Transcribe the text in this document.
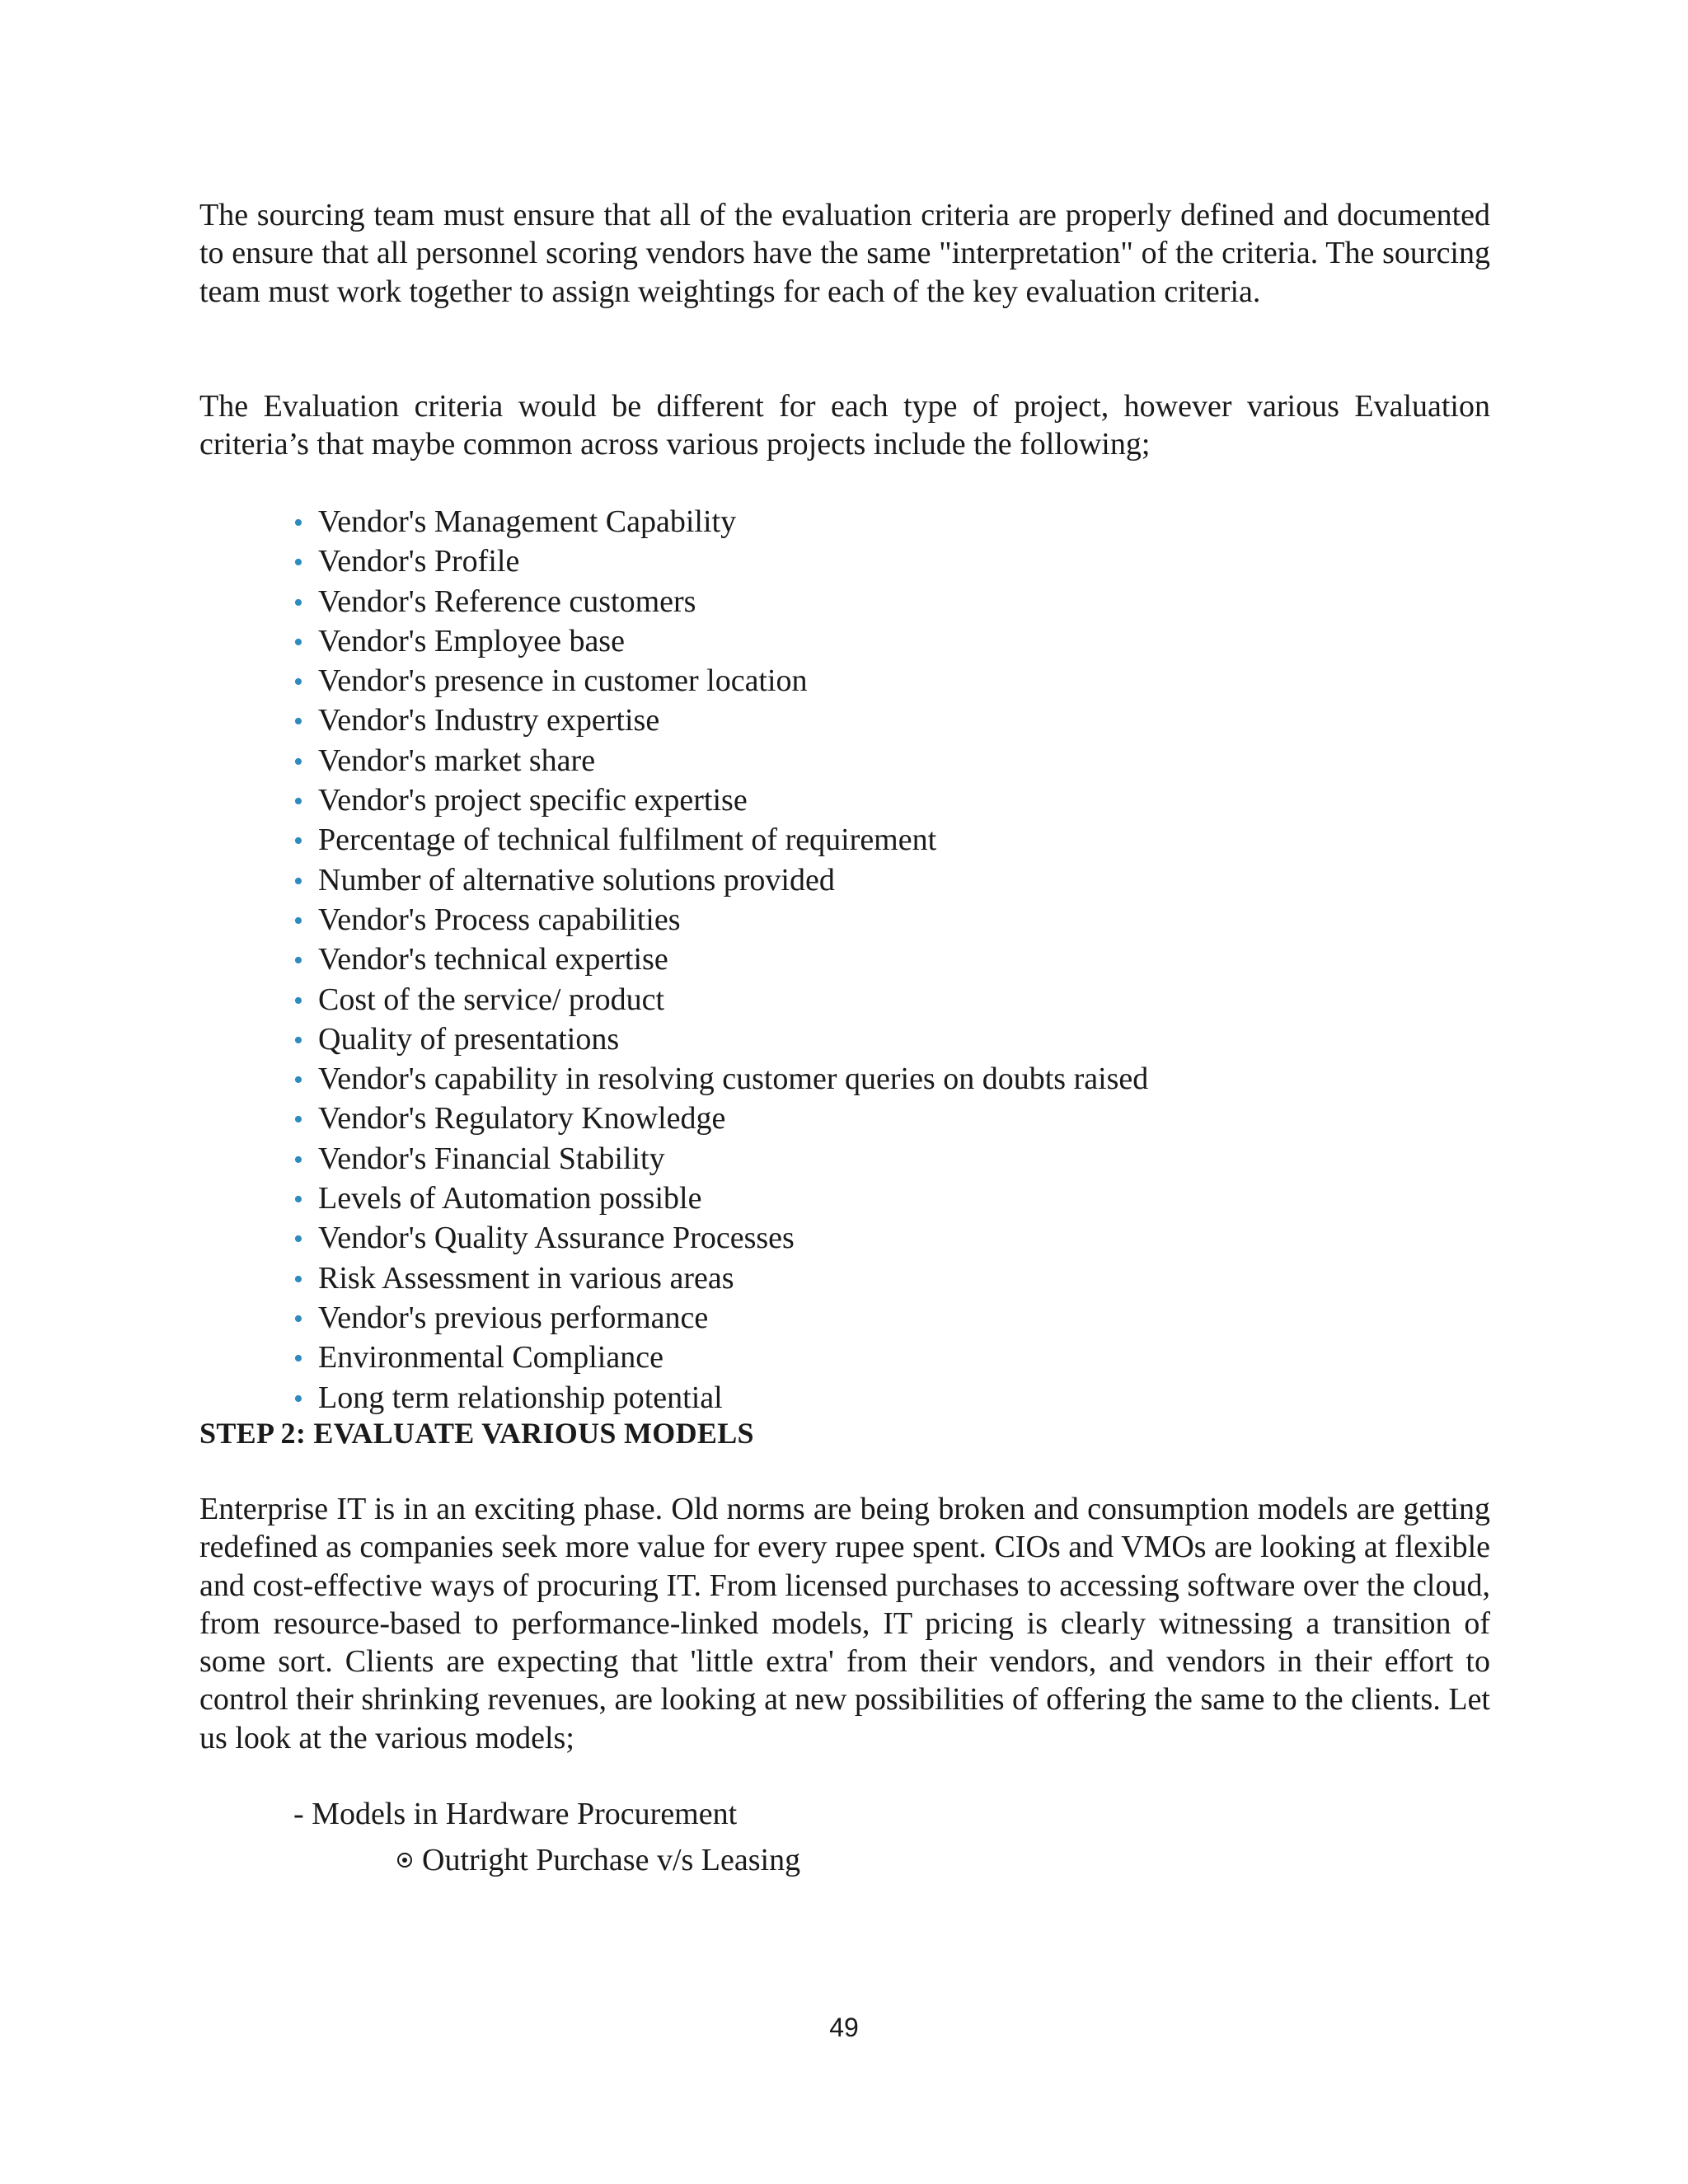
The sourcing team must ensure that all of the evaluation criteria are properly defined and documented to ensure that all personnel scoring vendors have the same "interpretation" of the criteria. The sourcing team must work together to assign weightings for each of the key evaluation criteria.

The Evaluation criteria would be different for each type of project, however various Evaluation criteria’s that maybe common across various projects include the following;

• Vendor's Management Capability
• Vendor's Profile
• Vendor's Reference customers
• Vendor's Employee base
• Vendor's presence in customer location
• Vendor's Industry expertise
• Vendor's market share
• Vendor's project specific expertise
• Percentage of technical fulfilment of requirement
• Number of alternative solutions provided
• Vendor's Process capabilities
• Vendor's technical expertise
• Cost of the service/ product
• Quality of presentations
• Vendor's capability in resolving customer queries on doubts raised
• Vendor's Regulatory Knowledge
• Vendor's Financial Stability
• Levels of Automation possible
• Vendor's Quality Assurance Processes
• Risk Assessment in various areas
• Vendor's previous performance
• Environmental Compliance
• Long term relationship potential
STEP 2: EVALUATE VARIOUS MODELS

Enterprise IT is in an exciting phase. Old norms are being broken and consumption models are getting redefined as companies seek more value for every rupee spent. CIOs and VMOs are looking at flexible and cost-effective ways of procuring IT. From licensed purchases to accessing software over the cloud, from resource-based to performance-linked models, IT pricing is clearly witnessing a transition of some sort. Clients are expecting that 'little extra' from their vendors, and vendors in their effort to control their shrinking revenues, are looking at new possibilities of offering the same to the clients. Let us look at the various models;

- Models in Hardware Procurement
Outright Purchase v/s Leasing
49
